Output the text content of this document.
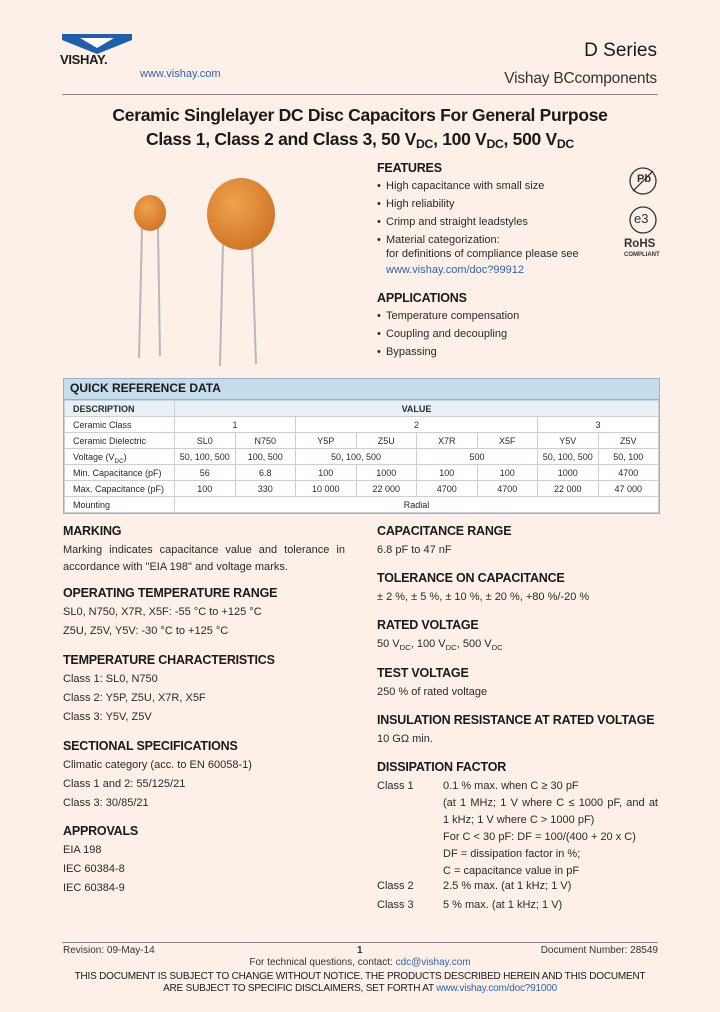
VISHAY.
www.vishay.com
D Series
Vishay BCcomponents
Ceramic Singlelayer DC Disc Capacitors For General Purpose
Class 1, Class 2 and Class 3, 50 $V_{DC}$, 100 $V_{DC}$, 500 $V_{DC}$
FEATURES
• High capacitance with small size
• High reliability
• Crimp and straight leadstyles
• Material categorization:
for definitions of compliance please see
www.vishay.com/doc?99912
Pb
e3
RoHS
COMPLIANT
APPLICATIONS
• Temperature compensation
• Coupling and decoupling
• Bypassing
QUICK REFERENCE DATA
DESCRIPTION	VALUE							
Ceramic Class	1		2				3	
Ceramic Dielectric	SL0	N750	Y5P	Z5U	X7R	X5F	Y5V	Z5V
Voltage $(V_{DC})$	50, 100, 500	100, 500	50, 100, 500		500		50, 100, 500	50, 100
Min. Capacitance (pF)	56	6.8	100	1000	100	100	1000	4700
Max. Capacitance (pF)	100	330	10 000	22 000	4700	4700	22 000	47 000
Mounting	Radial							
MARKING
Marking indicates capacitance value and tolerance in accordance with "EIA 198" and voltage marks.
OPERATING TEMPERATURE RANGE
SL0, N750, X7R, X5F: -55 °C to +125 °C
Z5U, Z5V, Y5V: -30 °C to +125 °C
TEMPERATURE CHARACTERISTICS
Class 1: SL0, N750
Class 2: Y5P, Z5U, X7R, X5F
Class 3: Y5V, Z5V
SECTIONAL SPECIFICATIONS
Climatic category (acc. to EN 60058-1)
Class 1 and 2: 55/125/21
Class 3: 30/85/21
APPROVALS
EIA 198
IEC 60384-8
IEC 60384-9
CAPACITANCE RANGE
6.8 pF to 47 nF
TOLERANCE ON CAPACITANCE
± 2 %, ± 5 %, ± 10 %, ± 20 %, +80 %/-20 %
RATED VOLTAGE
50 $V_{DC}$, 100 $V_{DC}$, 500 $V_{DC}$
TEST VOLTAGE
250 % of rated voltage
INSULATION RESISTANCE AT RATED VOLTAGE
10 GΩ min.
DISSIPATION FACTOR
Class 1	0.1 % max. when C ≥ 30 pF
(at 1 MHz; 1 V where C ≤ 1000 pF, and at
1 kHz; 1 V where C > 1000 pF)
For C < 30 pF: DF = 100/(400 + 20 x C)
DF = dissipation factor in %;
C = capacitance value in pF
Class 2	2.5 % max. (at 1 kHz; 1 V)
Class 3	5 % max. (at 1 kHz; 1 V)
Revision: 09-May-14	1	Document Number: 28549
For technical questions, contact: cdc@vishay.com
THIS DOCUMENT IS SUBJECT TO CHANGE WITHOUT NOTICE. THE PRODUCTS DESCRIBED HEREIN AND THIS DOCUMENT
ARE SUBJECT TO SPECIFIC DISCLAIMERS, SET FORTH AT www.vishay.com/doc?91000
